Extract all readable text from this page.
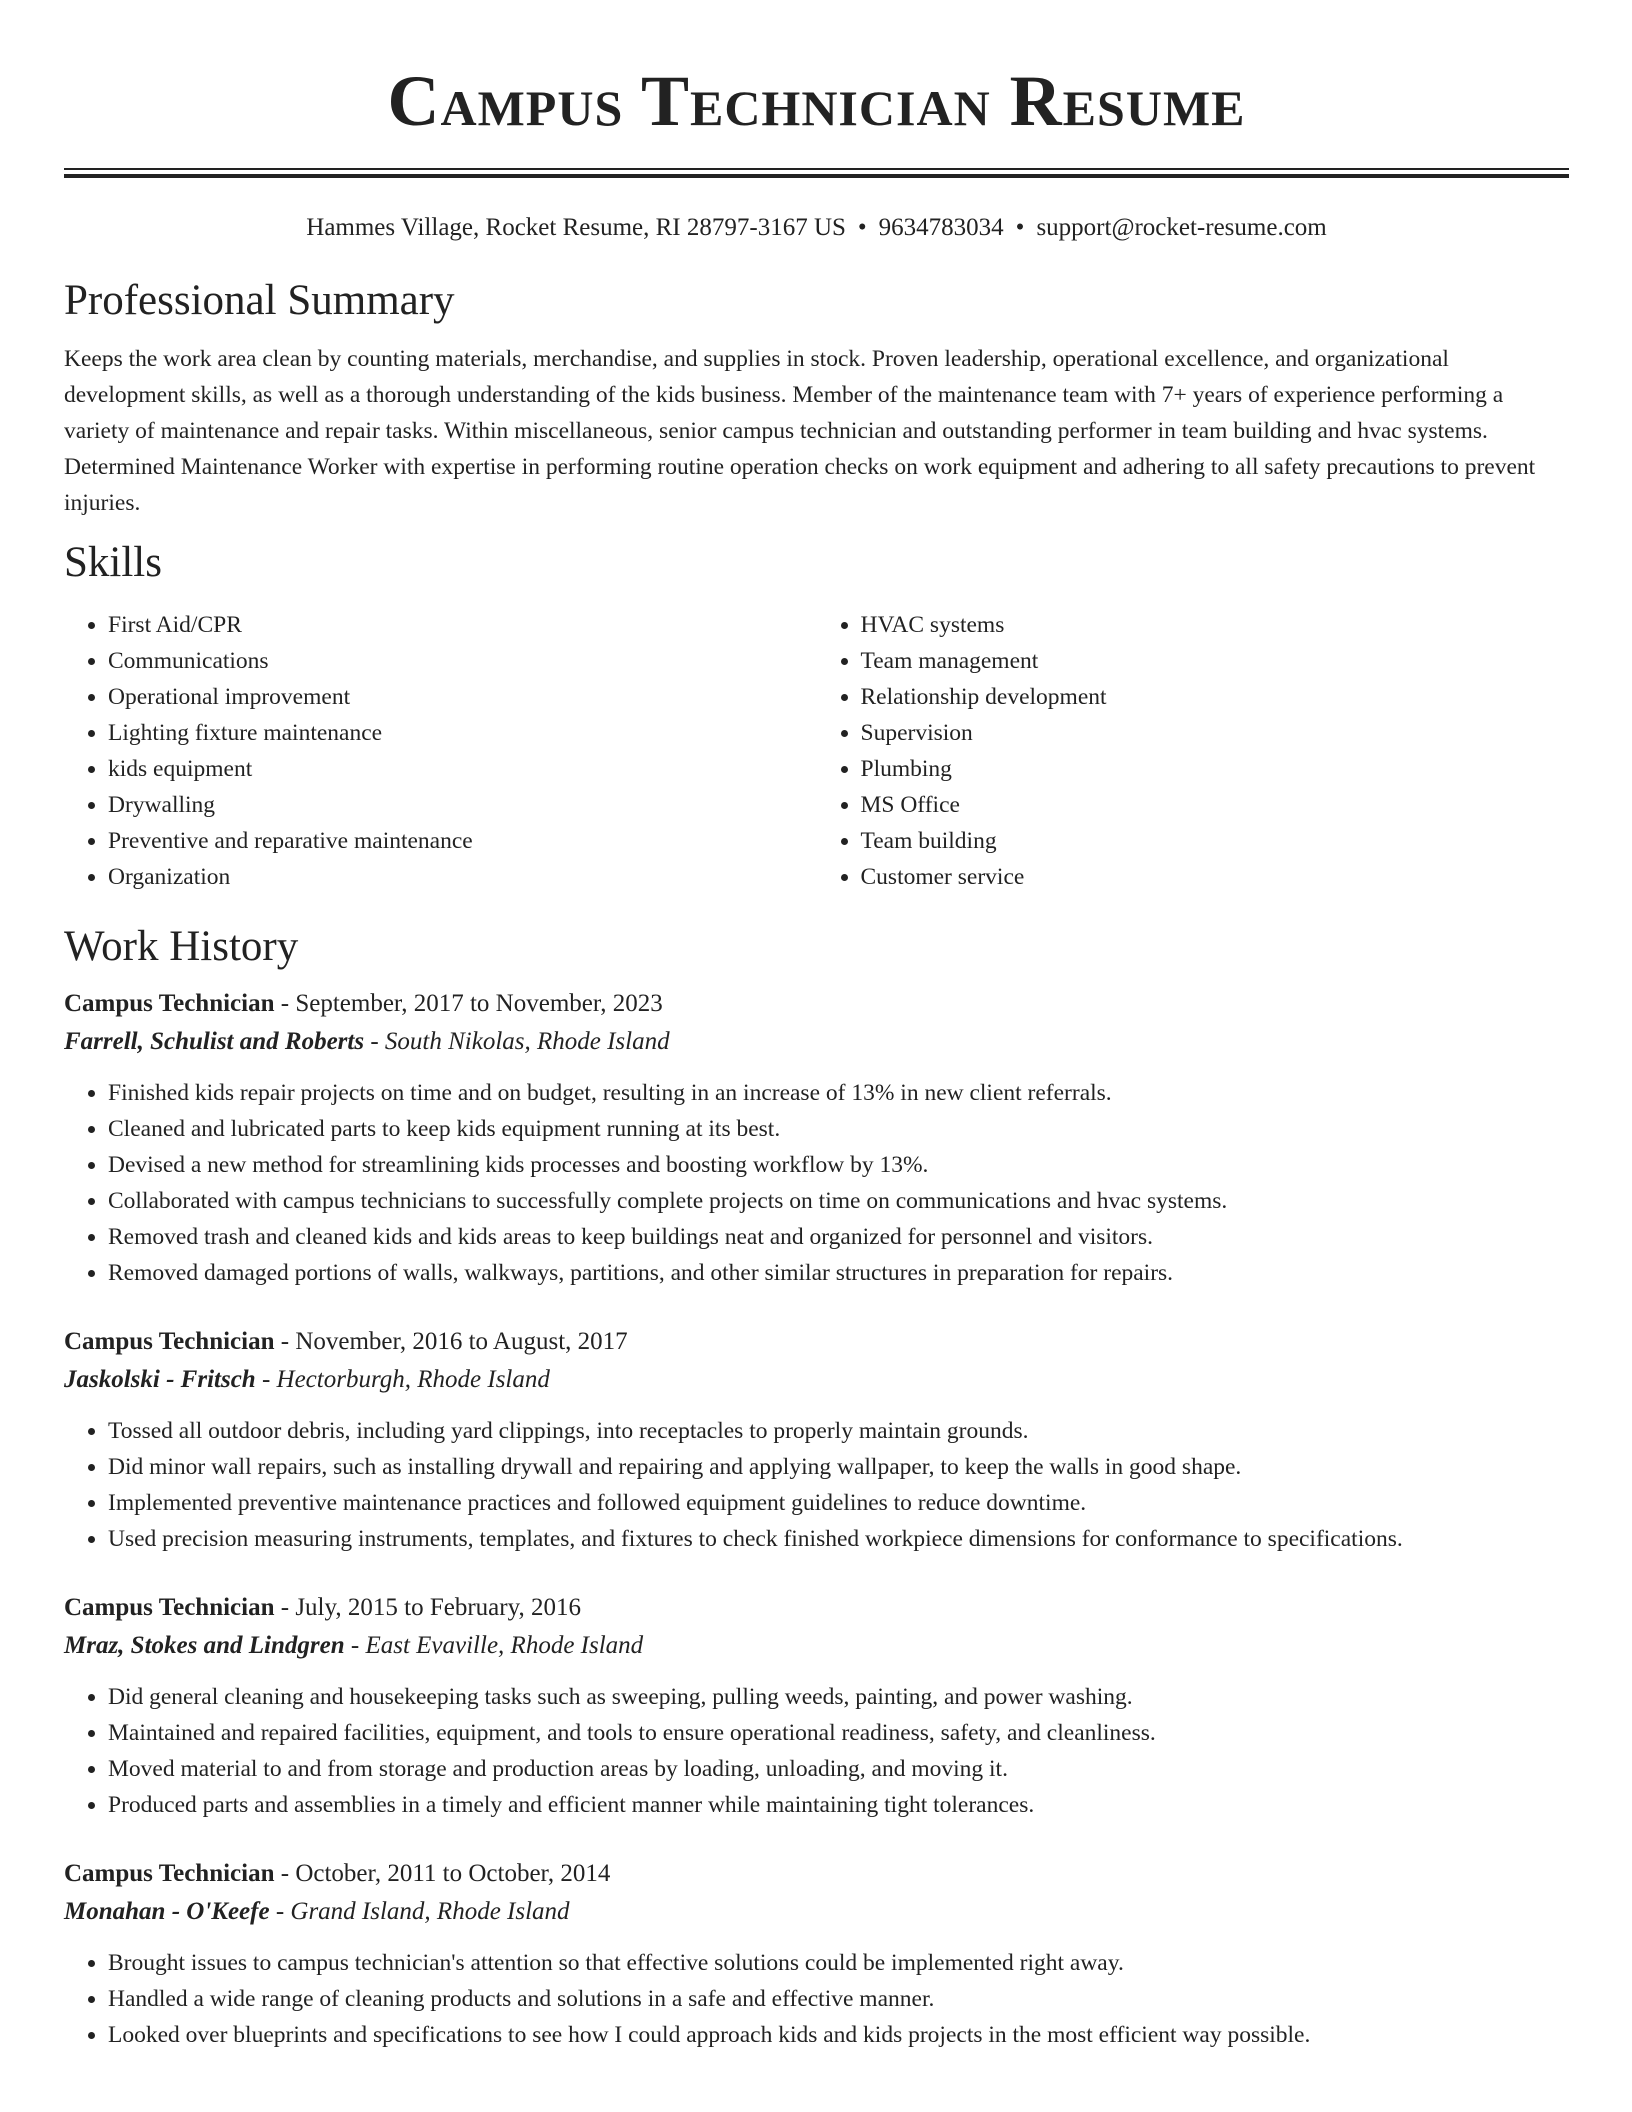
Campus Technician Resume
Hammes Village, Rocket Resume, RI 28797-3167 US • 9634783034 • support@rocket-resume.com
Professional Summary

Keeps the work area clean by counting materials, merchandise, and supplies in stock. Proven leadership, operational excellence, and organizational development skills, as well as a thorough understanding of the kids business. Member of the maintenance team with 7+ years of experience performing a variety of maintenance and repair tasks. Within miscellaneous, senior campus technician and outstanding performer in team building and hvac systems. Determined Maintenance Worker with expertise in performing routine operation checks on work equipment and adhering to all safety precautions to prevent injuries.

Skills
• First Aid/CPR
• Communications
• Operational improvement
• Lighting fixture maintenance
• kids equipment
• Drywalling
• Preventive and reparative maintenance
• Organization
• HVAC systems
• Team management
• Relationship development
• Supervision
• Plumbing
• MS Office
• Team building
• Customer service
Work History
Campus Technician - September, 2017 to November, 2023
Farrell, Schulist and Roberts - South Nikolas, Rhode Island
• Finished kids repair projects on time and on budget, resulting in an increase of 13% in new client referrals.
• Cleaned and lubricated parts to keep kids equipment running at its best.
• Devised a new method for streamlining kids processes and boosting workflow by 13%.
• Collaborated with campus technicians to successfully complete projects on time on communications and hvac systems.
• Removed trash and cleaned kids and kids areas to keep buildings neat and organized for personnel and visitors.
• Removed damaged portions of walls, walkways, partitions, and other similar structures in preparation for repairs.
Campus Technician - November, 2016 to August, 2017
Jaskolski - Fritsch - Hectorburgh, Rhode Island
• Tossed all outdoor debris, including yard clippings, into receptacles to properly maintain grounds.
• Did minor wall repairs, such as installing drywall and repairing and applying wallpaper, to keep the walls in good shape.
• Implemented preventive maintenance practices and followed equipment guidelines to reduce downtime.
• Used precision measuring instruments, templates, and fixtures to check finished workpiece dimensions for conformance to specifications.
Campus Technician - July, 2015 to February, 2016
Mraz, Stokes and Lindgren - East Evaville, Rhode Island
• Did general cleaning and housekeeping tasks such as sweeping, pulling weeds, painting, and power washing.
• Maintained and repaired facilities, equipment, and tools to ensure operational readiness, safety, and cleanliness.
• Moved material to and from storage and production areas by loading, unloading, and moving it.
• Produced parts and assemblies in a timely and efficient manner while maintaining tight tolerances.
Campus Technician - October, 2011 to October, 2014
Monahan - O'Keefe - Grand Island, Rhode Island
• Brought issues to campus technician's attention so that effective solutions could be implemented right away.
• Handled a wide range of cleaning products and solutions in a safe and effective manner.
• Looked over blueprints and specifications to see how I could approach kids and kids projects in the most efficient way possible.
